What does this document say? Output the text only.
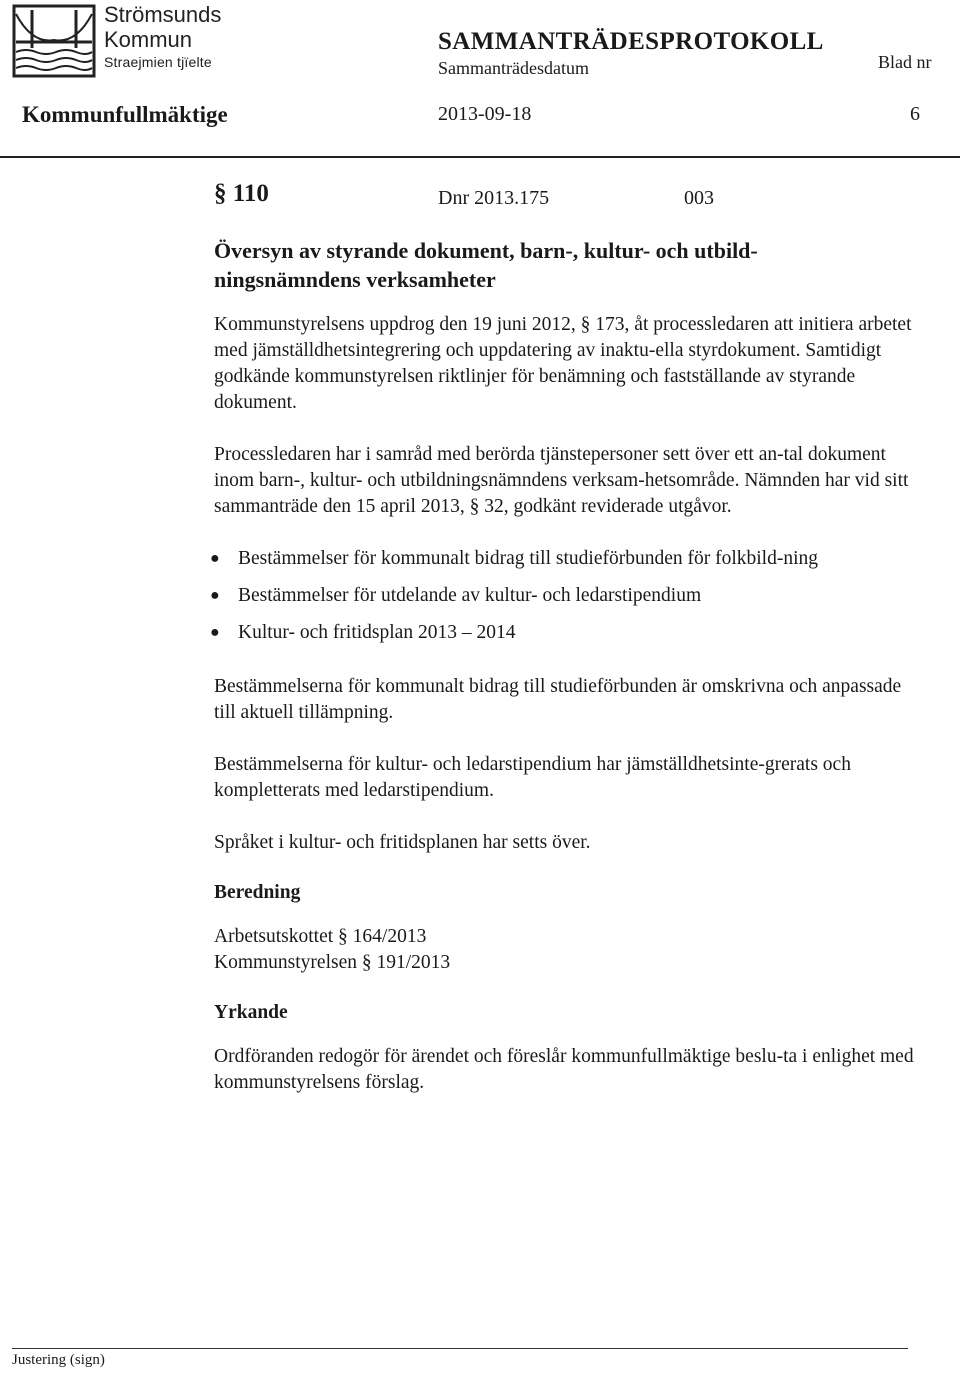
Strömsunds
Kommun
Straejmien tjïelte
SAMMANTRÄDESPROTOKOLL
Sammanträdesdatum	Blad nr
Kommunfullmäktige	2013-09-18	6
§ 110	Dnr 2013.175	003
Översyn av styrande dokument, barn-, kultur- och utbild-ningsnämndens verksamheter

Kommunstyrelsens uppdrog den 19 juni 2012, § 173, åt processledaren att initiera arbetet med jämställdhetsintegrering och uppdatering av inaktu-ella styrdokument. Samtidigt godkände kommunstyrelsen riktlinjer för benämning och fastställande av styrande dokument.

Processledaren har i samråd med berörda tjänstepersoner sett över ett an-tal dokument inom barn-, kultur- och utbildningsnämndens verksam-hetsområde. Nämnden har vid sitt sammanträde den 15 april 2013, § 32, godkänt reviderade utgåvor.

● Bestämmelser för kommunalt bidrag till studieförbunden för folkbild-ning
● Bestämmelser för utdelande av kultur- och ledarstipendium
● Kultur- och fritidsplan 2013 – 2014

Bestämmelserna för kommunalt bidrag till studieförbunden är omskrivna och anpassade till aktuell tillämpning.

Bestämmelserna för kultur- och ledarstipendium har jämställdhetsinte-grerats och kompletterats med ledarstipendium.

Språket i kultur- och fritidsplanen har setts över.

Beredning
Arbetsutskottet § 164/2013
Kommunstyrelsen § 191/2013
Yrkande

Ordföranden redogör för ärendet och föreslår kommunfullmäktige beslu-ta i enlighet med kommunstyrelsens förslag.

Justering (sign)
